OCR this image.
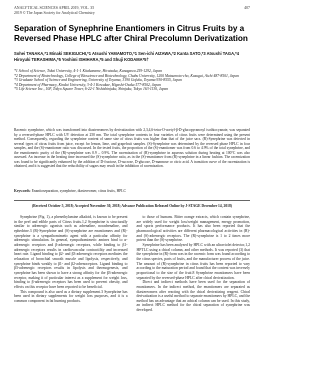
ANALYTICAL SCIENCES APRIL 2019, VOL. 35
2019 © The Japan Society for Analytical Chemistry
407
Separation of Synephrine Enantiomers in Citrus Fruits by a Reversed Phase HPLC after Chiral Precolumn Derivatization
Sohei TANAKA,*1 Minaki SEKIGUCHI,*1 Atsushi YAMAMOTO,*1 Sen-ichi AIZAWA,*2 Kanta SATO,*3 Atsushi TAGA,*4 Hiroyuki TERASHIMA,*5 Yoshimi ISHIHARA,*5 and Shuji KODAMA*5†
*1 School of Science, Tokai University, 4-1-1 Kitakaname, Hiratsuka, Kanagawa 259-1292, Japan
*2 Department of Biotechnology, College of Bioscience and Biotechnology, Chubu University, 1200 Matsumoto-cho, Kasugai, Aichi 487-8501, Japan
*3 Graduate School of Science and Engineering, University of Toyama, 3190 Gofuku, Toyama 930-8555, Japan
*4 Department of Pharmacy, Kindai University, 3-4-1 Kowakae, Higashi-Osaka 577-8502, Japan
*5 Life Science Inc., 10F, Tokyo Square Tower, 6-22-1 Nishishinjuku, Shinjuku, Tokyo 163-1130, Japan
Racemic synephrine, which was transformed into diastereomers by derivatization with 2,3,4,6-tetra-O-acetyl-β-D-glucopyranosyl isothiocyanate, was separated by a reversed-phase HPLC with UV detection at 250 nm. The total synephrine contents in four varieties of citrus fruits were determined using the present method. Consequently, regarding the synephrine content of same size of citrus fruits was higher than that of the juice sacs. (R)-Synephrine was detected in several types of citrus fruits from juice, except for lemon, lime, and grapefruit samples. (S)-Synephrine was determined by the reversed phase HPLC in four samples, and the (S)-enantiomer ratio was discussed. In the tested fruits, the proportion of the (S)-enantiomer was from 0.6 to 4.9% of the total synephrine, and the enantiomeric purity of the (R)-synephrine was 0.9 – 0.9%. The racemization of (R)-synephrine in aqueous solution during heating at 100°C was also assessed. An increase in the heating time increased the (S)-synephrine ratio, as in the (S)-enantiomer from (R)-synephrine in a linear fashion. The racemization was found to be significantly enhanced by the addition of D-fructose, D-sucrose, D-glucose, D-mannose or citric acid. A transition curve of the racemization is obtained, and it is suggested that the reducibility of sugars may result in the inhibition of racemization.
Keywords: Enantioseparation, synephrine, diastereomer, citrus fruits, HPLC
(Received October 5, 2018; Accepted November 30, 2018; Advance Publication Released Online by J-STAGE December 14, 2018)

Synephrine (Fig. 1), a phenethylamine alkaloid, is known to be present in the peel and edible parts of Citrus fruits.1,2 Synephrine is structurally similar to adrenergic agonists such as adrenaline, noradrenaline, and ephedrine.3 (R)-Synephrine and (S)-synephrine are enantiomers and (R)-synephrine is a sympathomimetic agent with a particular affinity for adrenergic stimulation. In general, sympathomimetic amines bind to α-adrenergic receptors and β-adrenergic receptors, while binding to β1-adrenergic receptors results in cardiovascular contractility and increased heart rate. Ligand binding to β2- and β3-adrenergic receptors mediates the relaxation of bronchial smooth muscle and lipolysis, respectively, and synephrine binds weakly to β1- and β2-adrenoceptors. Ligand binding to β3-adrenergic receptors results in lipolysis and thermogenesis, and synephrine has been shown to have a strong affinity for the β3-adrenergic receptor, making it of particular interest as a supplement for weight loss, binding to β-adrenergic receptors has been used to prevent obesity, and effects on this receptor have been reported to be beneficial.

This compound is also used as a dietary supplement.3 Synephrine has been used in dietary supplements for weight loss purposes, and it is a common component in fat burning products.

to those of humans. Bitter orange extracts, which contain synephrine, are widely used for weight loss/weight management, energy promotion, and sports performance products. It has also been reported that the pharmacological activities are different pharmacological activities in (R)- and (S)-adrenergic receptors. The (R)-synephrine is 1 to 2 times more potent than the (S)-synephrine.

Synephrine has been analyzed by HPLC with an ultraviolet detector,1,2 HPTLC using a chiral column, and other methods. It was reported (3) that the synephrine in (R)-form was in the racemic form was found according to the citrus species, parts of fruits, and the manufacturer process of the juice. The amount of (R)-synephrine in citrus fruits has been reported to vary according to the maturation period and found that the content was inversely proportional to the size of the fruit.8 Synephrine enantiomers have been separated by the reversed-phase HPLC after chiral derivatization.

Direct and indirect methods have been used for the separation of enantiomers. In the indirect method, the enantiomers are separated as diastereomers after reacting with the chiral derivatizing reagent. Chiral derivatization is a useful method to separate enantiomers by HPLC, and the method has an advantage that an achiral column can be used. In this study, an indirect HPLC method for the chiral separation of synephrine was developed.
